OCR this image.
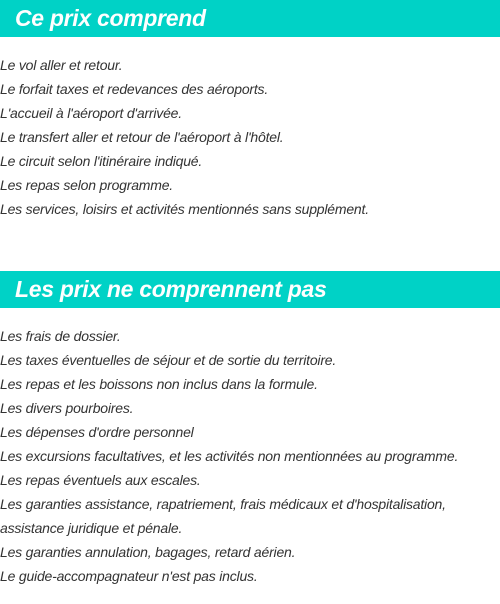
Ce prix comprend
Le vol aller et retour.
Le forfait taxes et redevances des aéroports.
L'accueil à l'aéroport d'arrivée.
Le transfert aller et retour de l'aéroport à l'hôtel.
Le circuit selon l'itinéraire indiqué.
Les repas selon programme.
Les services, loisirs et activités mentionnés sans supplément.
Les prix ne comprennent pas
Les frais de dossier.
Les taxes éventuelles de séjour et de sortie du territoire.
Les repas et les boissons non inclus dans la formule.
Les divers pourboires.
Les dépenses d'ordre personnel
Les excursions facultatives, et les activités non mentionnées au programme.
Les repas éventuels aux escales.
Les garanties assistance, rapatriement, frais médicaux et d'hospitalisation,
assistance juridique et pénale.
Les garanties annulation, bagages, retard aérien.
Le guide-accompagnateur n'est pas inclus.
